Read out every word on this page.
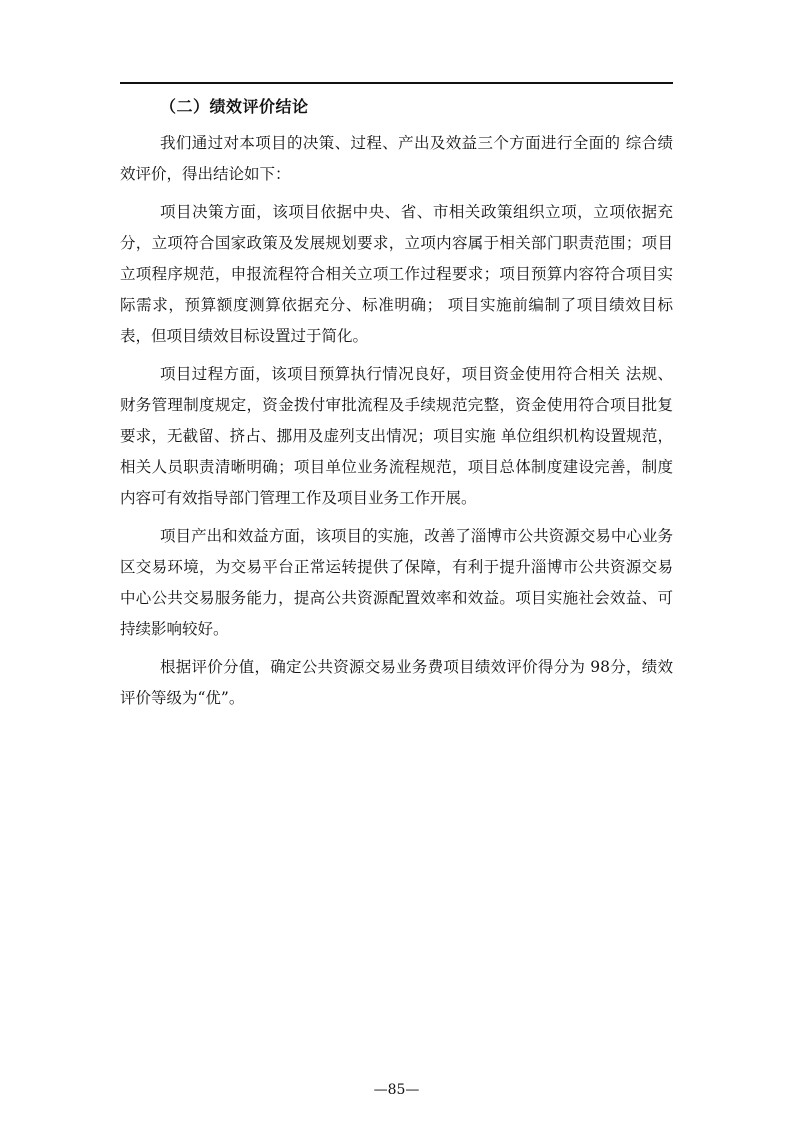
（二）绩效评价结论

我们通过对本项目的决策、过程、产出及效益三个方面进行全面的 综合绩效评价，得出结论如下：

项目决策方面，该项目依据中央、省、市相关政策组织立项，立项依据充分，立项符合国家政策及发展规划要求，立项内容属于相关部门职责范围；项目立项程序规范，申报流程符合相关立项工作过程要求；项目预算内容符合项目实际需求，预算额度测算依据充分、标准明确； 项目实施前编制了项目绩效目标表，但项目绩效目标设置过于简化。

项目过程方面，该项目预算执行情况良好，项目资金使用符合相关 法规、财务管理制度规定，资金拨付审批流程及手续规范完整，资金使用符合项目批复要求，无截留、挤占、挪用及虚列支出情况；项目实施 单位组织机构设置规范，相关人员职责清晰明确；项目单位业务流程规范，项目总体制度建设完善，制度内容可有效指导部门管理工作及项目业务工作开展。

项目产出和效益方面，该项目的实施，改善了淄博市公共资源交易中心业务区交易环境，为交易平台正常运转提供了保障，有利于提升淄博市公共资源交易中心公共交易服务能力，提高公共资源配置效率和效益。项目实施社会效益、可持续影响较好。

根据评价分值，确定公共资源交易业务费项目绩效评价得分为 98分，绩效评价等级为“优”。

—85—
